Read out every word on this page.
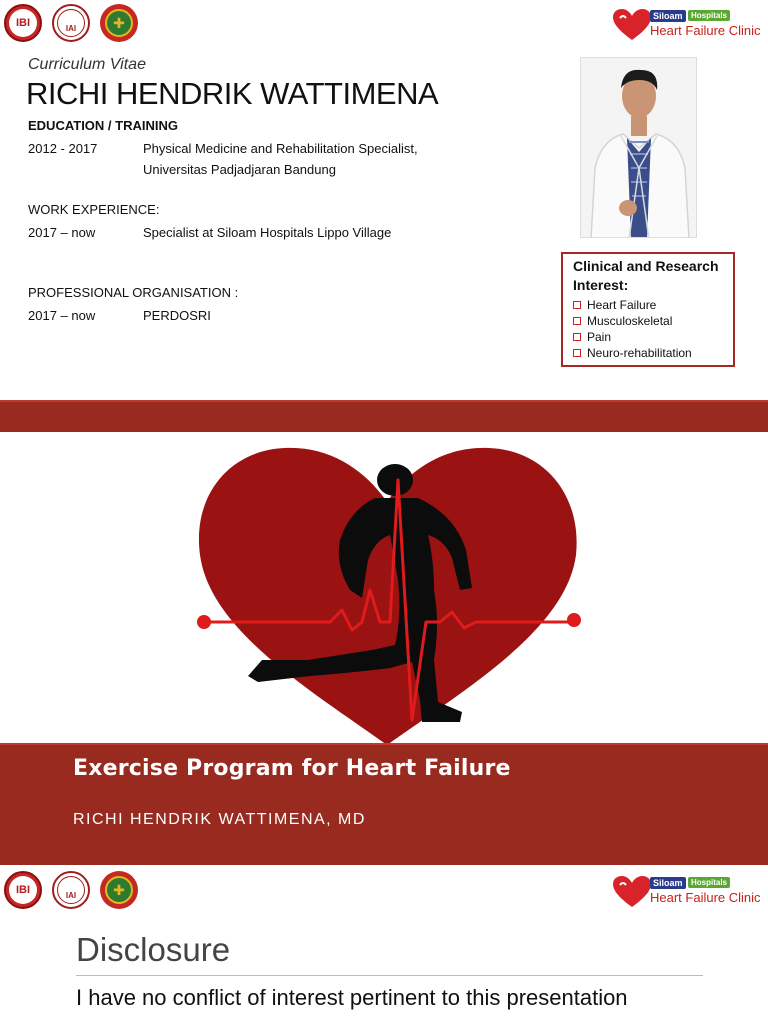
IBI	IAI	✚	Siloam	Hospitals
Heart Failure Clinic
Curriculum Vitae
RICHI HENDRIK WATTIMENA
EDUCATION / TRAINING
2012 - 2017	Physical Medicine and Rehabilitation Specialist,
Universitas Padjadjaran Bandung
WORK EXPERIENCE:
2017 – now	Specialist at Siloam Hospitals Lippo Village
PROFESSIONAL ORGANISATION :
2017 – now	PERDOSRI
Clinical and Research Interest:
Heart Failure
Musculoskeletal
Pain
Neuro-rehabilitation
Exercise Program for Heart Failure
RICHI HENDRIK WATTIMENA, MD
IBI	IAI	✚	Siloam	Hospitals
Heart Failure Clinic
Disclosure
I have no conflict of interest pertinent to this presentation
